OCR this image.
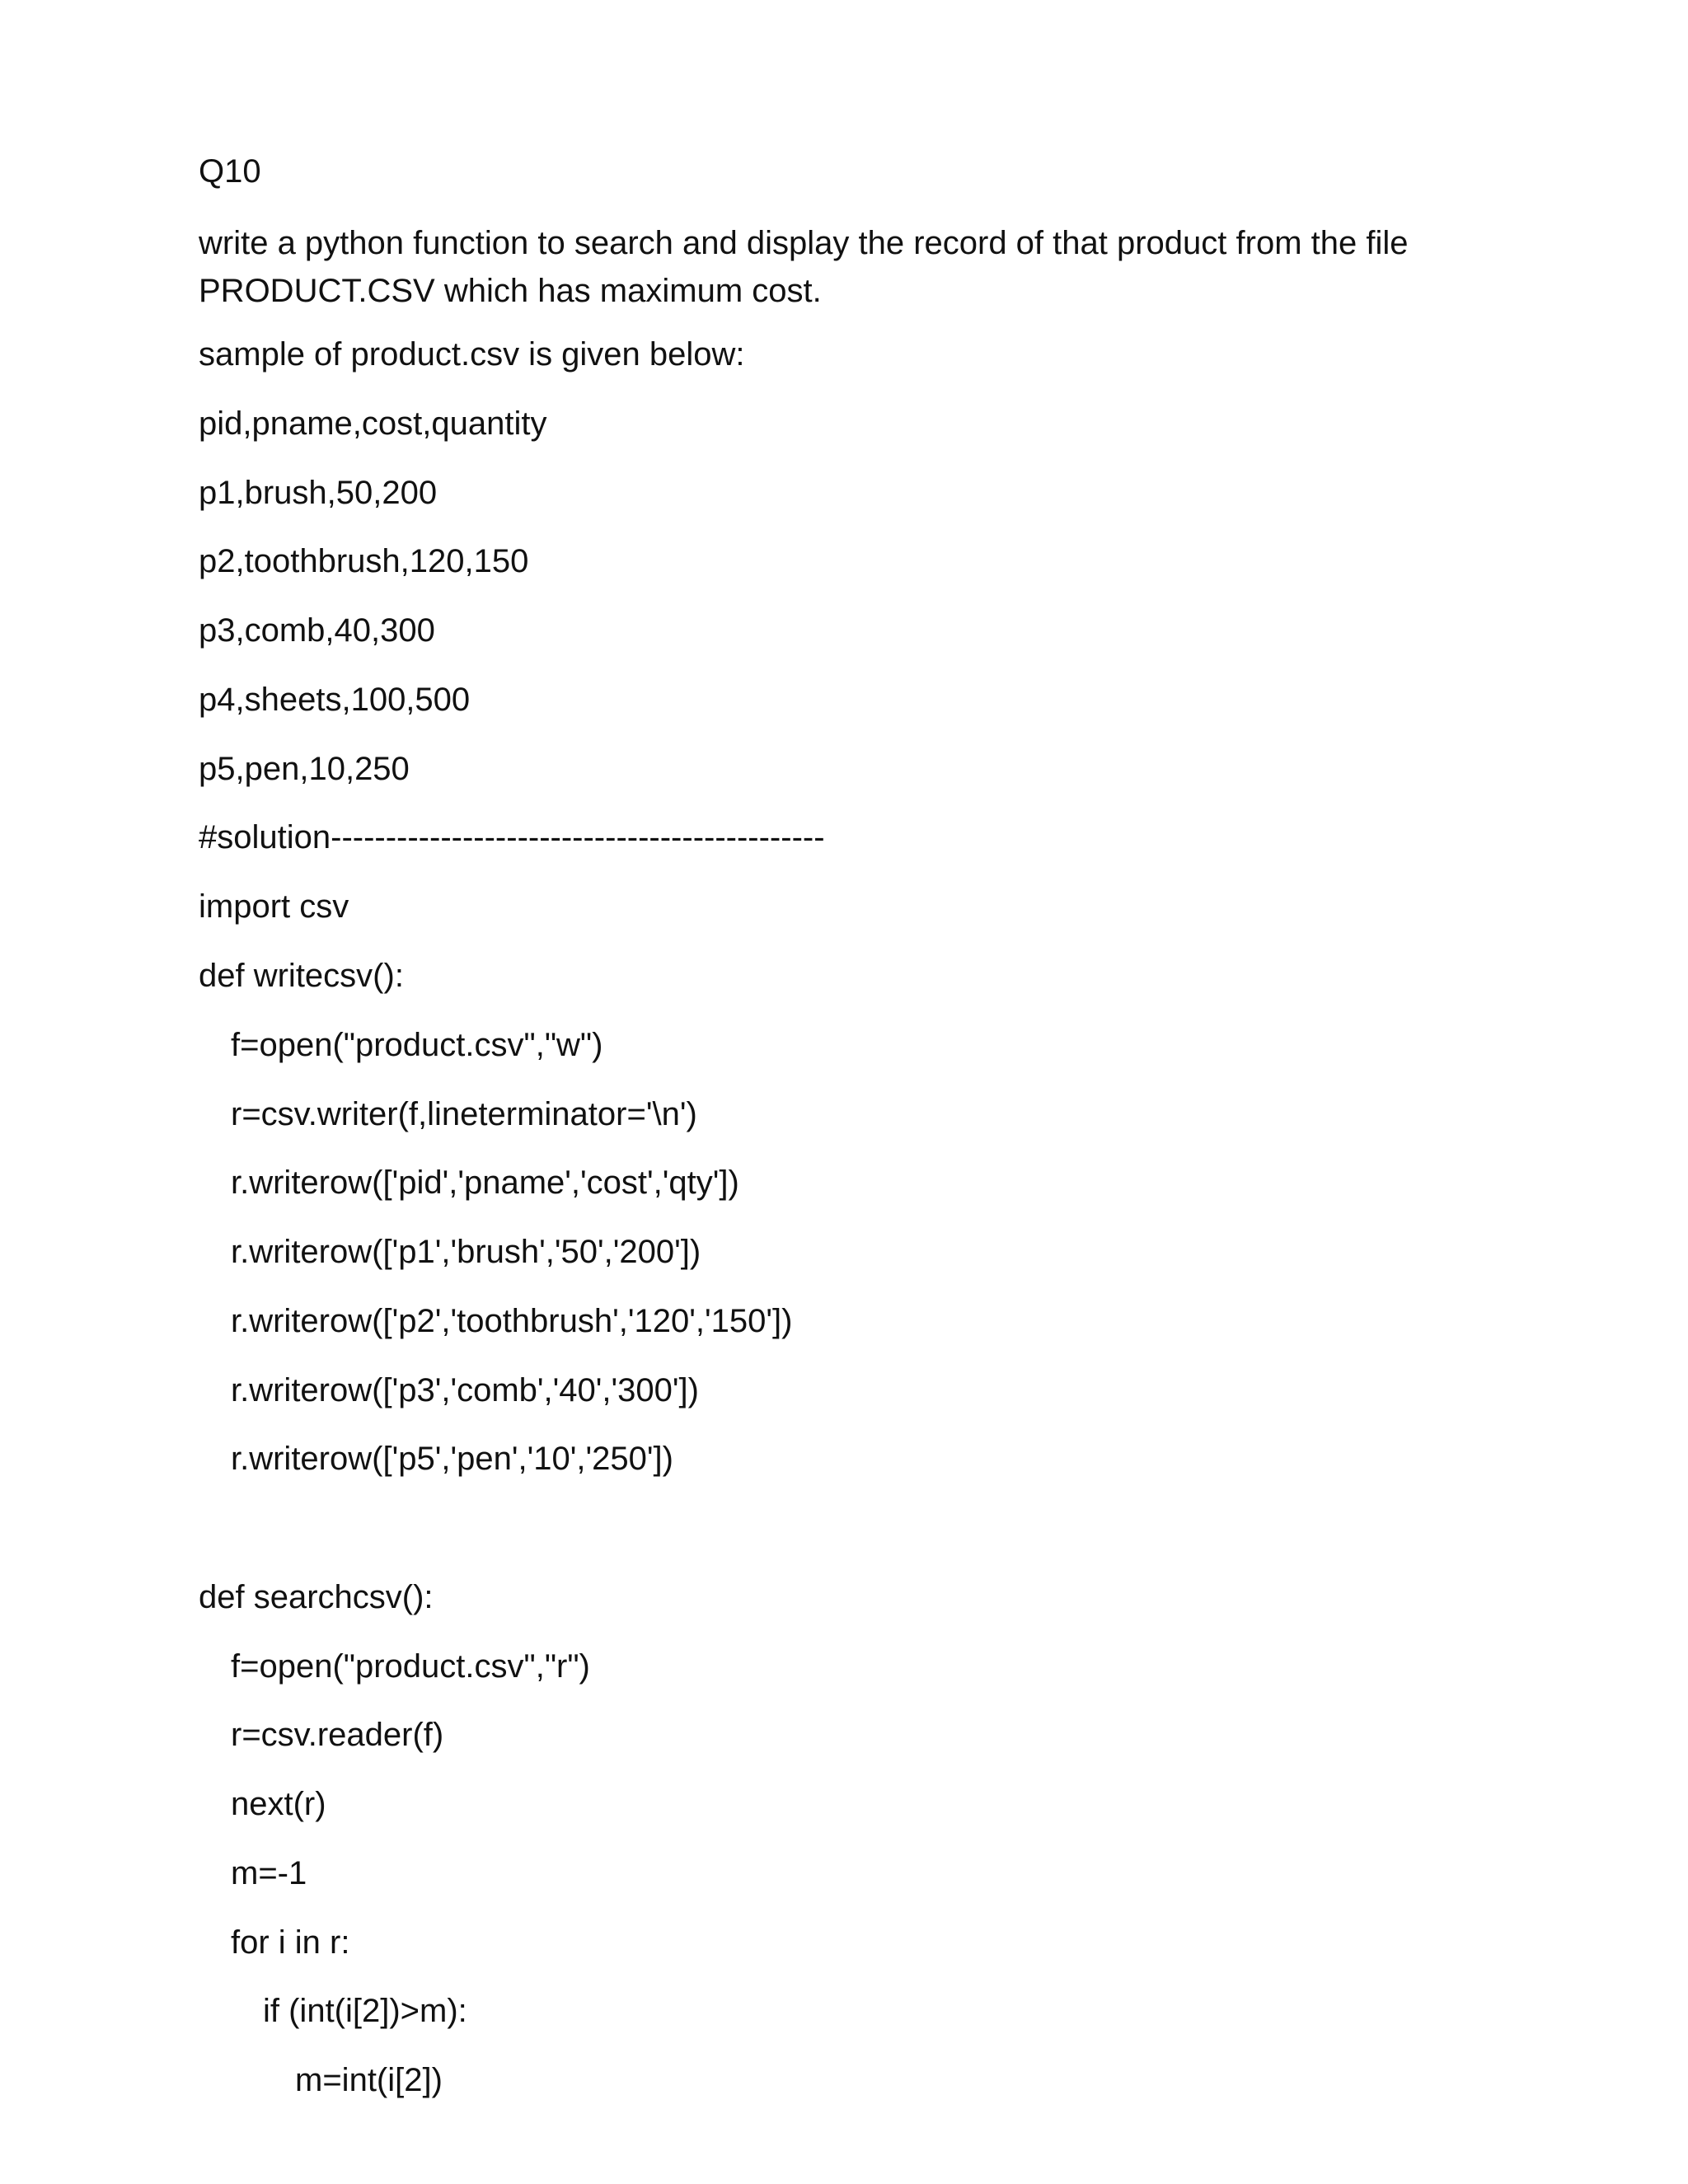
Q10
write a python function to search and display the record of that product from the file PRODUCT.CSV which has maximum cost.
sample of product.csv is given below:
pid,pname,cost,quantity
p1,brush,50,200
p2,toothbrush,120,150
p3,comb,40,300
p4,sheets,100,500
p5,pen,10,250
#solution---------------------------------------------
import csv
def writecsv():
f=open("product.csv","w")
r=csv.writer(f,lineterminator='\n')
r.writerow(['pid','pname','cost','qty'])
r.writerow(['p1','brush','50','200'])
r.writerow(['p2','toothbrush','120','150'])
r.writerow(['p3','comb','40','300'])
r.writerow(['p5','pen','10','250'])
def searchcsv():
f=open("product.csv","r")
r=csv.reader(f)
next(r)
m=-1
for i in r:
if (int(i[2])>m):
m=int(i[2])
